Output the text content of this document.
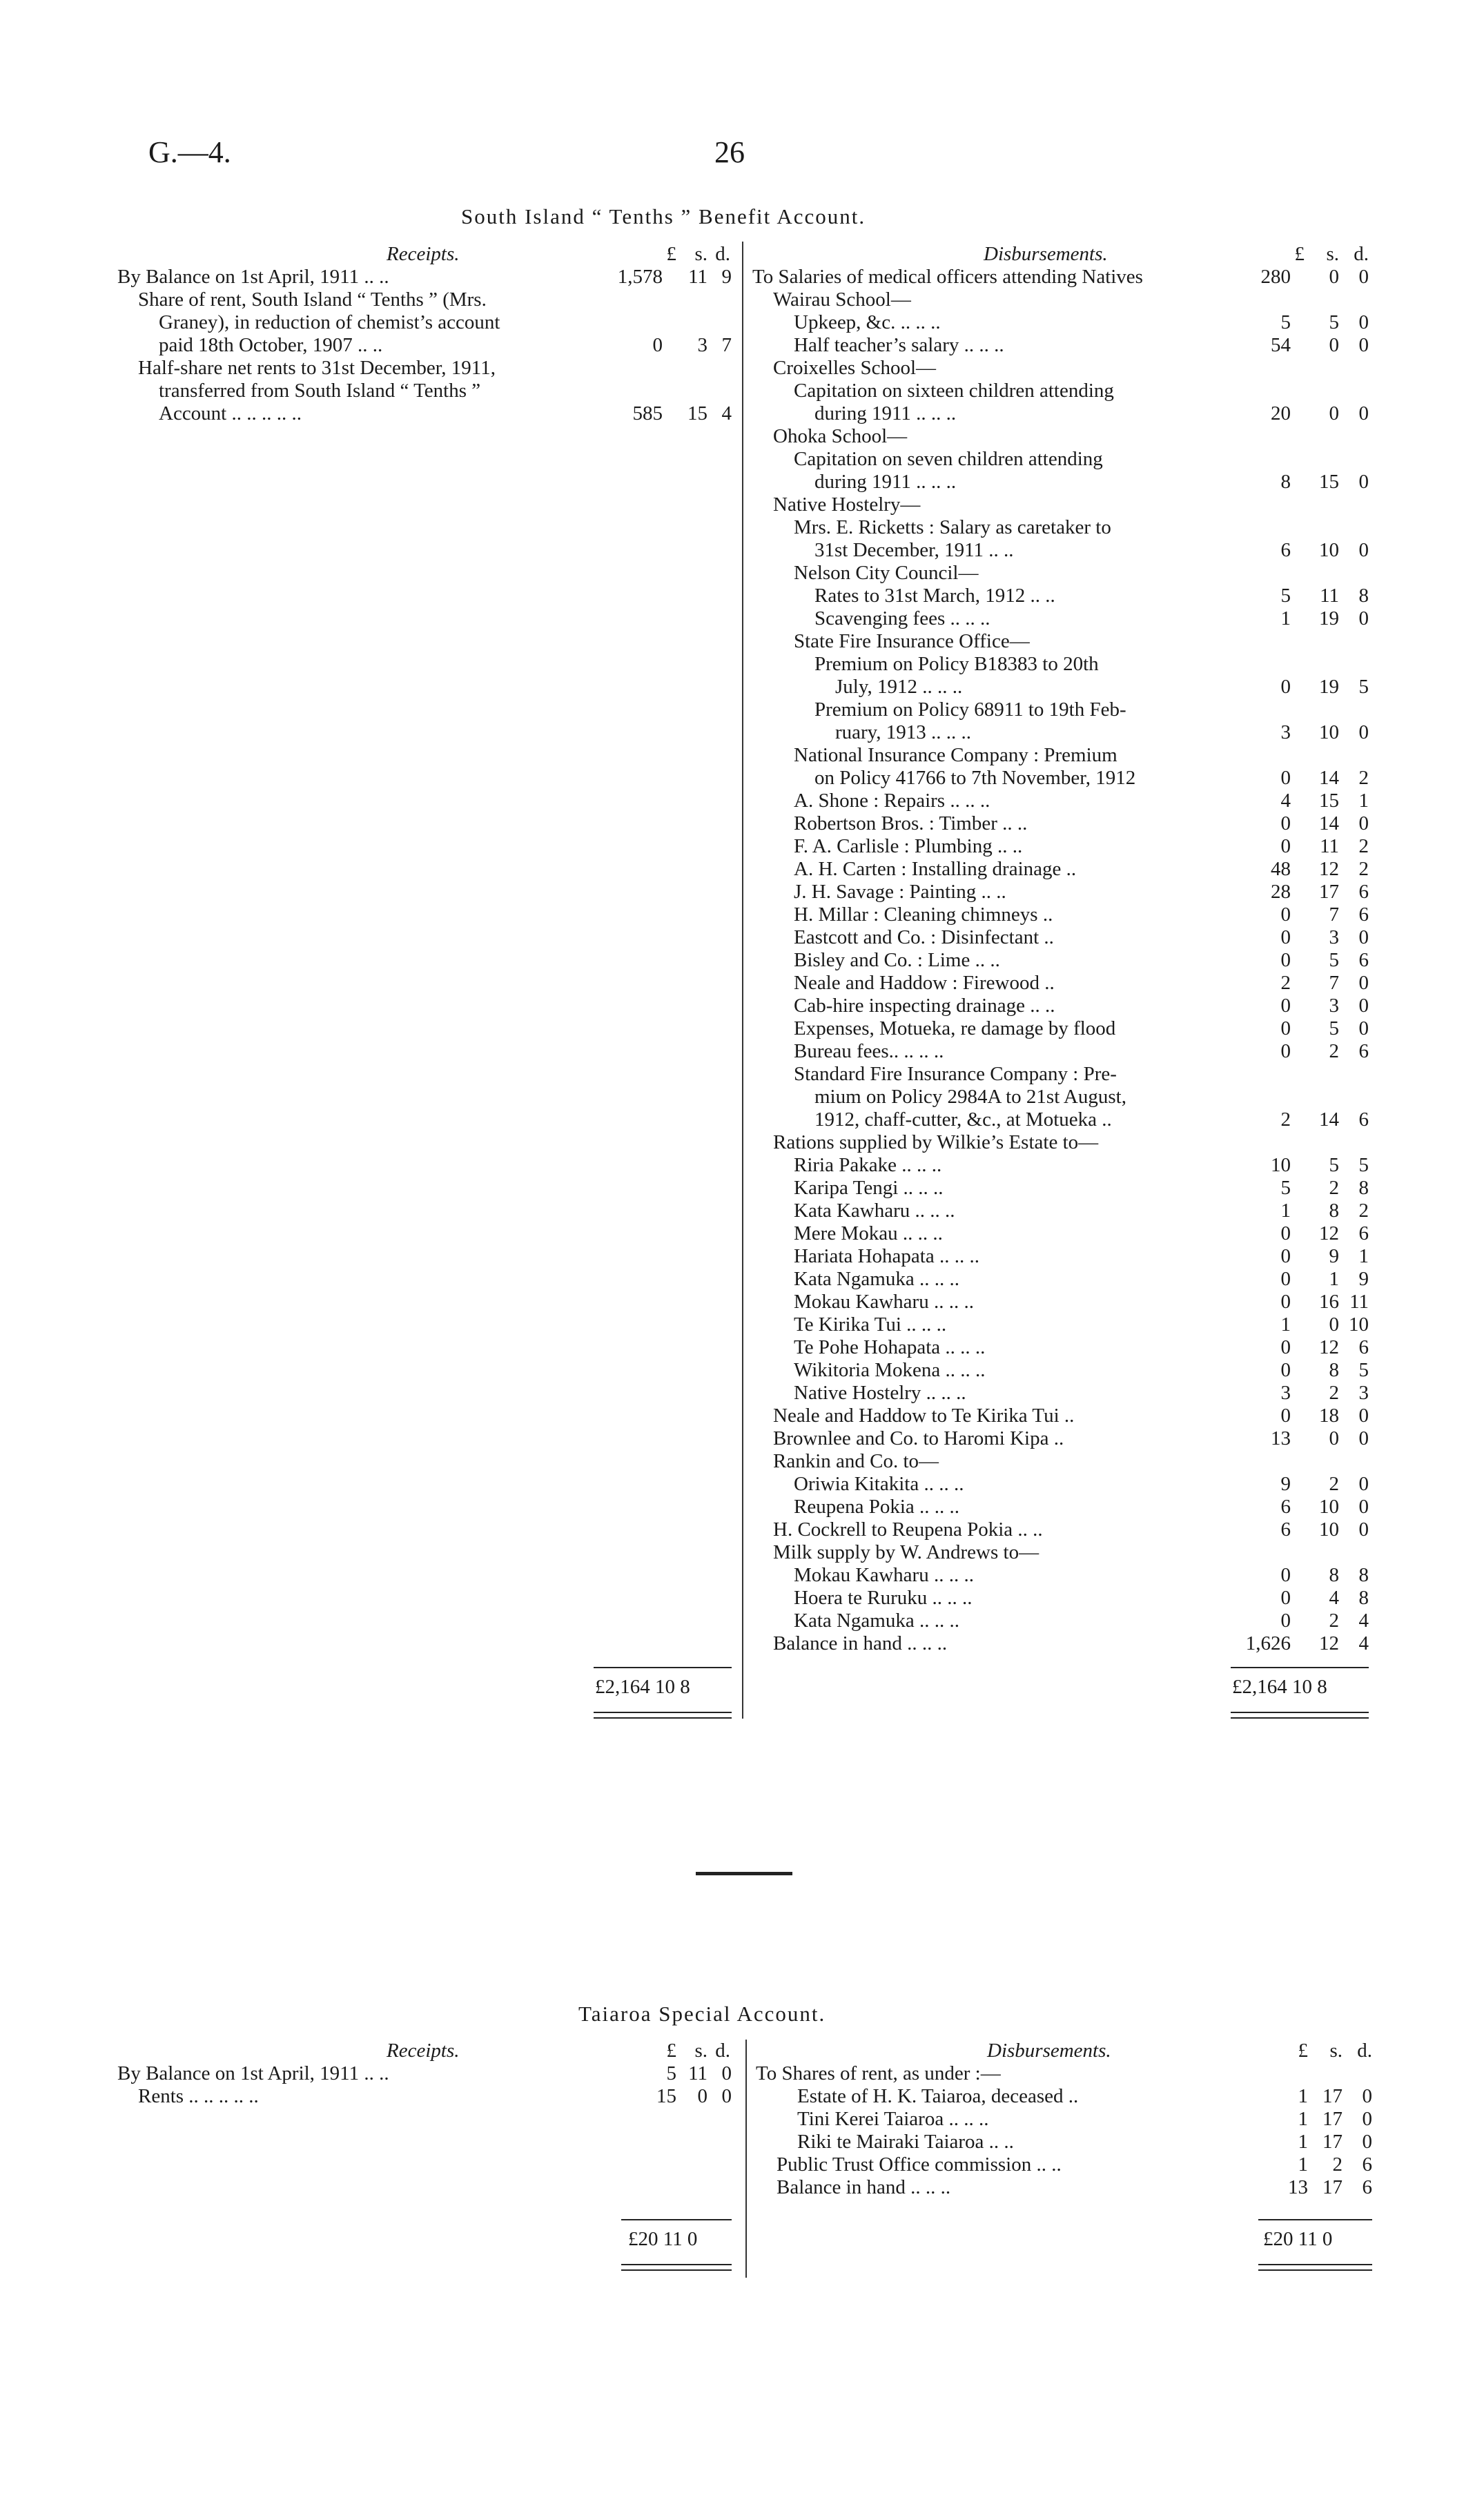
G.—4.	26
South Island “ Tenths ” Benefit Account.
Receipts.	£ s. d.
By Balance on 1st April, 1911 .. ..	1,578	11 9
Share of rent, South Island “ Tenths ” (Mrs.
Graney), in reduction of chemist’s account
paid 18th October, 1907 .. ..	0	3 7
Half-share net rents to 31st December, 1911,
transferred from South Island “ Tenths ”
Account .. .. .. .. ..	585	15 4
Disbursements.	£	s. d.
To Salaries of medical officers attending Natives	280	0 0
Wairau School—
Upkeep, &c. .. .. ..	5	5 0
Half teacher’s salary .. .. ..	54	0 0
Croixelles School—
Capitation on sixteen children attending
during 1911 .. .. ..	20	0 0
Ohoka School—
Capitation on seven children attending
during 1911 .. .. ..	8	15 0
Native Hostelry—
Mrs. E. Ricketts : Salary as caretaker to
31st December, 1911 .. ..	6	10 0
Nelson City Council—
Rates to 31st March, 1912 .. ..	5	11 8
Scavenging fees .. .. ..	1	19 0
State Fire Insurance Office—
Premium on Policy B18383 to 20th
July, 1912 .. .. ..	0	19 5
Premium on Policy 68911 to 19th Feb-
ruary, 1913 .. .. ..	3	10 0
National Insurance Company : Premium
on Policy 41766 to 7th November, 1912	0	14 2
A. Shone : Repairs .. .. ..	4	15 1
Robertson Bros. : Timber .. ..	0	14 0
F. A. Carlisle : Plumbing .. ..	0	11 2
A. H. Carten : Installing drainage ..	48	12 2
J. H. Savage : Painting .. ..	28	17 6
H. Millar : Cleaning chimneys ..	0	7 6
Eastcott and Co. : Disinfectant ..	0	3 0
Bisley and Co. : Lime .. ..	0	5 6
Neale and Haddow : Firewood ..	2	7 0
Cab-hire inspecting drainage .. ..	0	3 0
Expenses, Motueka, re damage by flood	0	5 0
Bureau fees.. .. .. ..	0	2 6
Standard Fire Insurance Company : Pre-
mium on Policy 2984A to 21st August,
1912, chaff-cutter, &c., at Motueka ..	2	14 6
Rations supplied by Wilkie’s Estate to—
Riria Pakake .. .. ..	10	5 5
Karipa Tengi .. .. ..	5	2 8
Kata Kawharu .. .. ..	1	8 2
Mere Mokau .. .. ..	0	12 6
Hariata Hohapata .. .. ..	0	9 1
Kata Ngamuka .. .. ..	0	1 9
Mokau Kawharu .. .. ..	0	16 11
Te Kirika Tui .. .. ..	1	0 10
Te Pohe Hohapata .. .. ..	0	12 6
Wikitoria Mokena .. .. ..	0	8 5
Native Hostelry .. .. ..	3	2 3
Neale and Haddow to Te Kirika Tui ..	0	18 0
Brownlee and Co. to Haromi Kipa ..	13	0 0
Rankin and Co. to—
Oriwia Kitakita .. .. ..	9	2 0
Reupena Pokia .. .. ..	6	10 0
H. Cockrell to Reupena Pokia .. ..	6	10 0
Milk supply by W. Andrews to—
Mokau Kawharu .. .. ..	0	8 8
Hoera te Ruruku .. .. ..	0	4 8
Kata Ngamuka .. .. ..	0	2 4
Balance in hand .. .. ..	1,626	12 4
£2,164 10 8	£2,164 10 8
Taiaroa Special Account.
Receipts.	£ s. d.
By Balance on 1st April, 1911 .. ..	5 11 0
Rents .. .. .. .. ..	15	0 0
Disbursements.	£	s. d.
To Shares of rent, as under :—
Estate of H. K. Taiaroa, deceased ..	1 17 0
Tini Kerei Taiaroa .. .. ..	1 17 0
Riki te Mairaki Taiaroa .. ..	1 17 0
Public Trust Office commission .. ..	1	2 6
Balance in hand .. .. ..	13 17 6
£20 11 0	£20 11 0
